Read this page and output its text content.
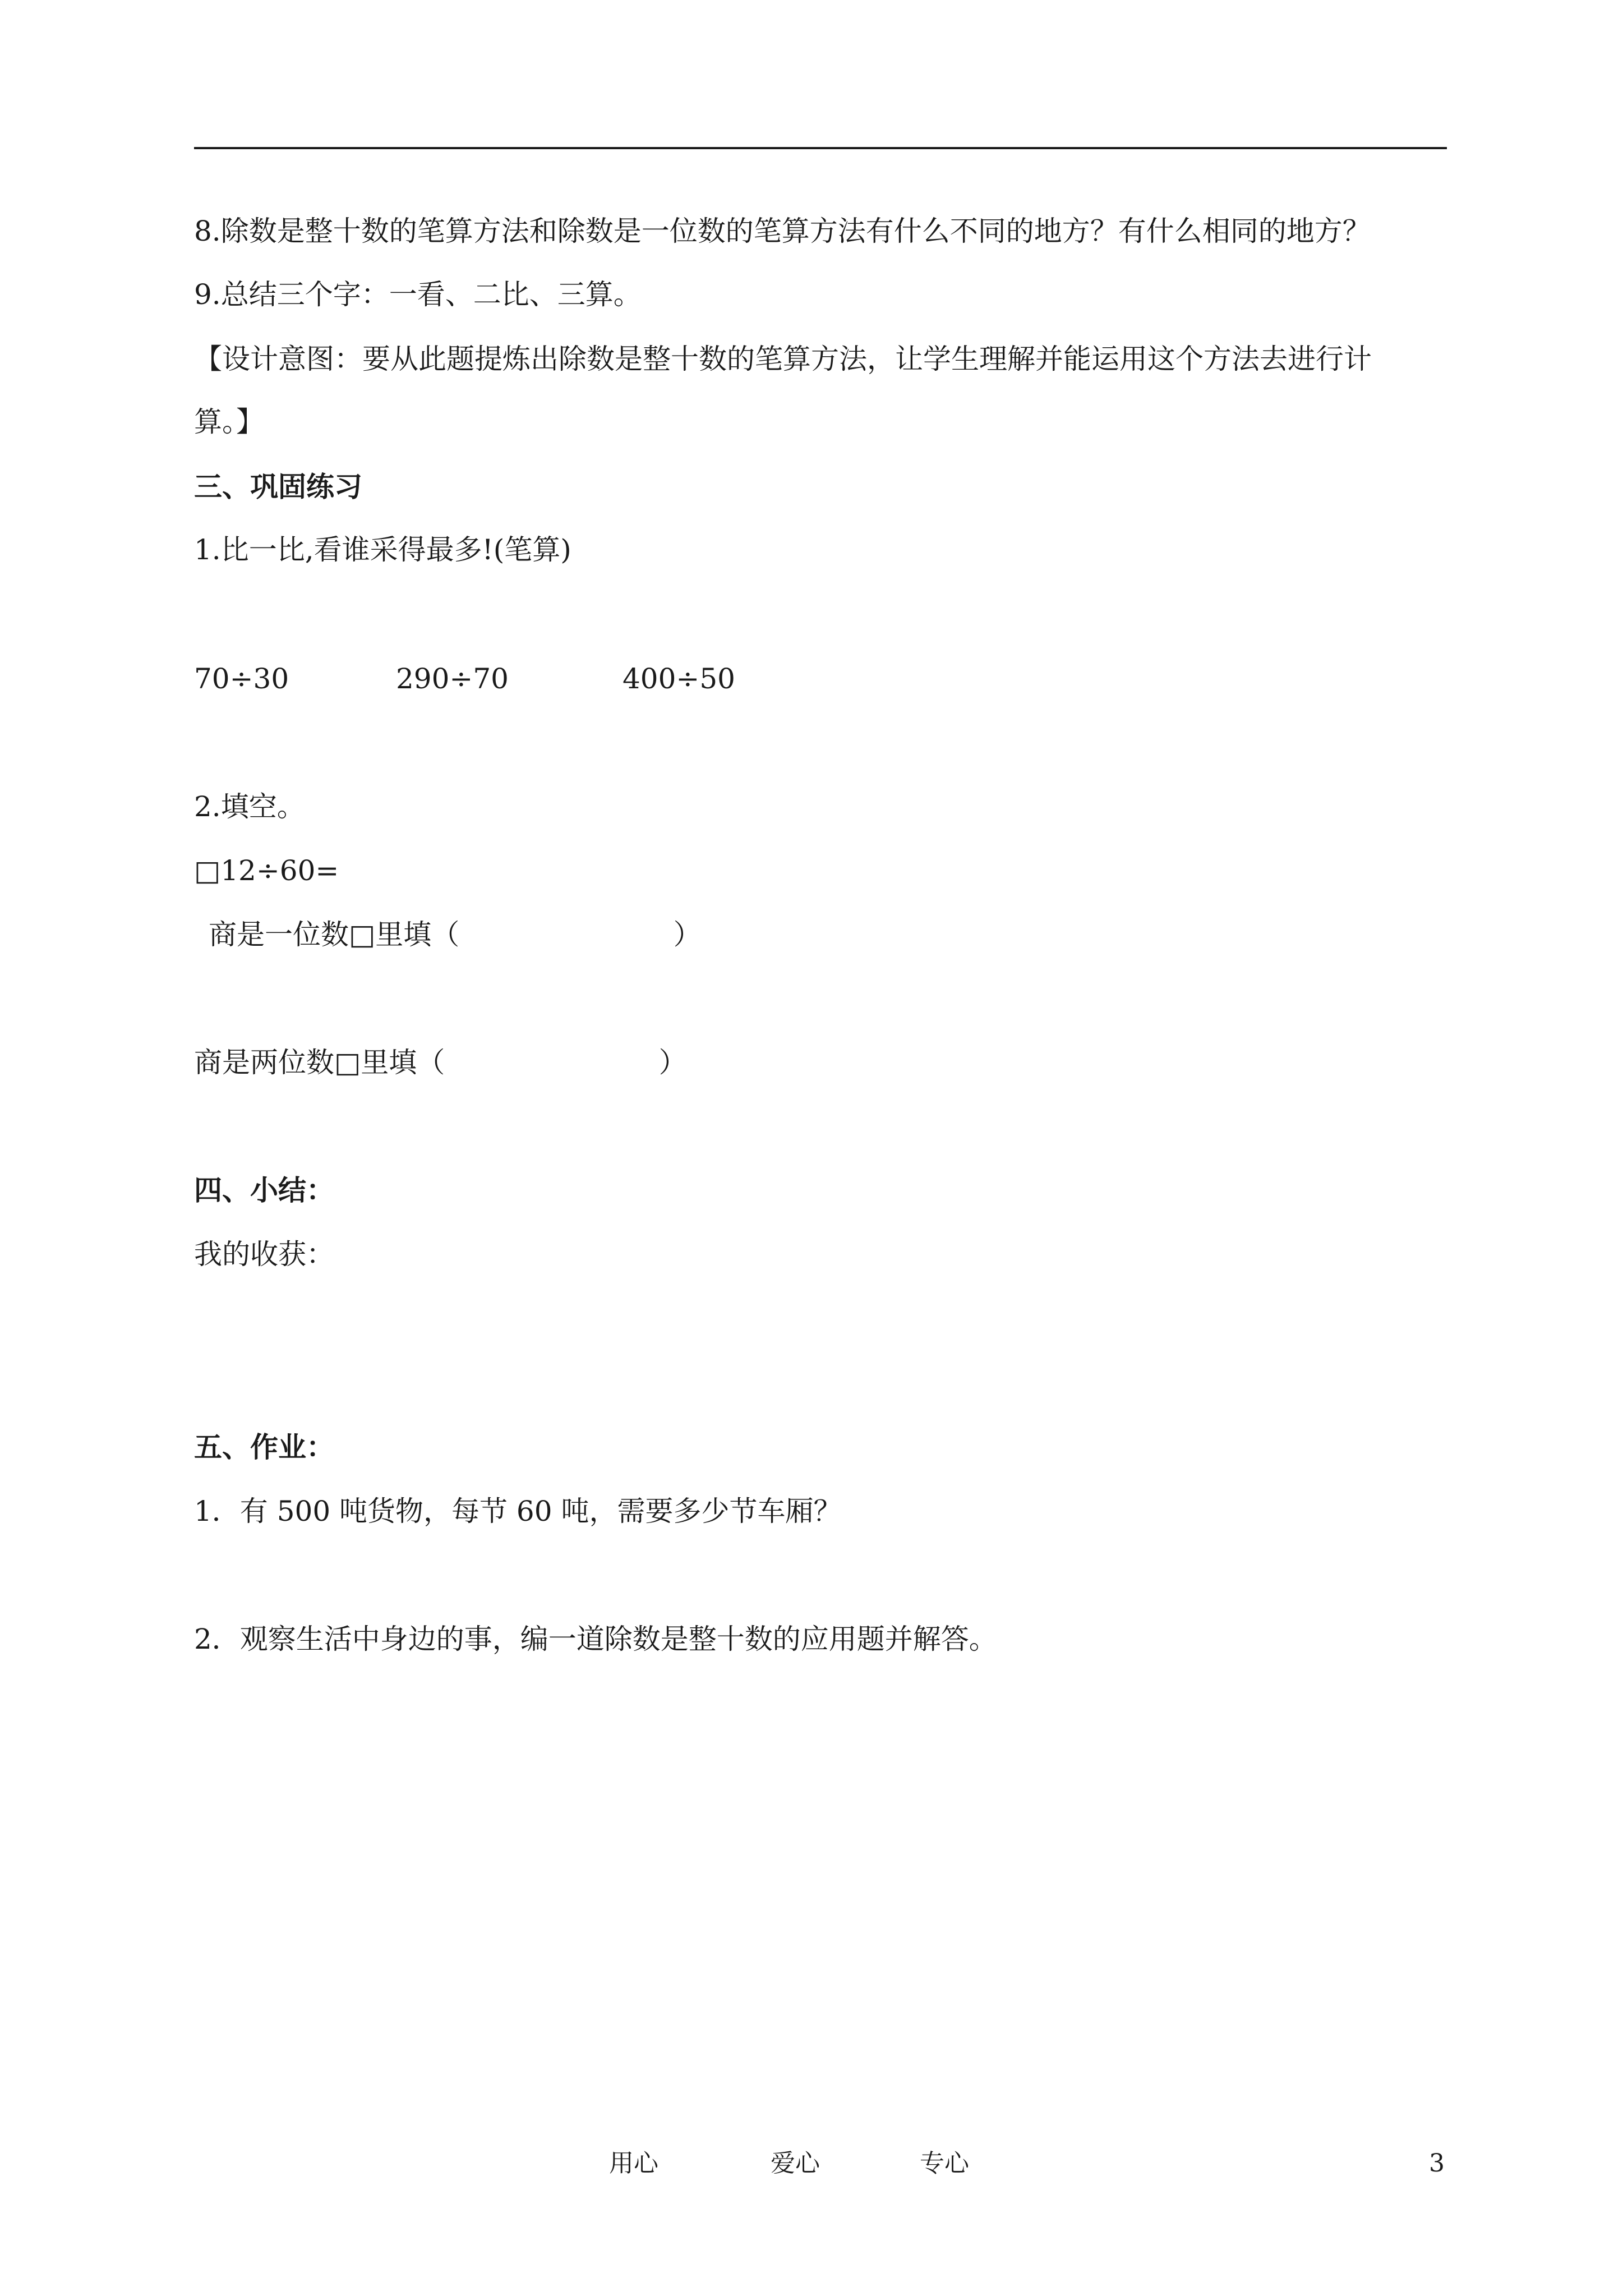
8.除数是整十数的笔算方法和除数是一位数的笔算方法有什么不同的地方？有什么相同的地方？
9.总结三个字：一看、二比、三算。
【设计意图：要从此题提炼出除数是整十数的笔算方法，让学生理解并能运用这个方法去进行计
算。】
三、巩固练习
1.比一比,看谁采得最多!(笔算)
70÷30	290÷70	400÷50
2.填空。
□12÷60=
商是一位数□里填（                        ）
商是两位数□里填（                        ）
四、小结：
我的收获：
五、作业：
1．有 500 吨货物，每节 60 吨，需要多少节车厢？
2．观察生活中身边的事，编一道除数是整十数的应用题并解答。
用心	爱心	专心	3
